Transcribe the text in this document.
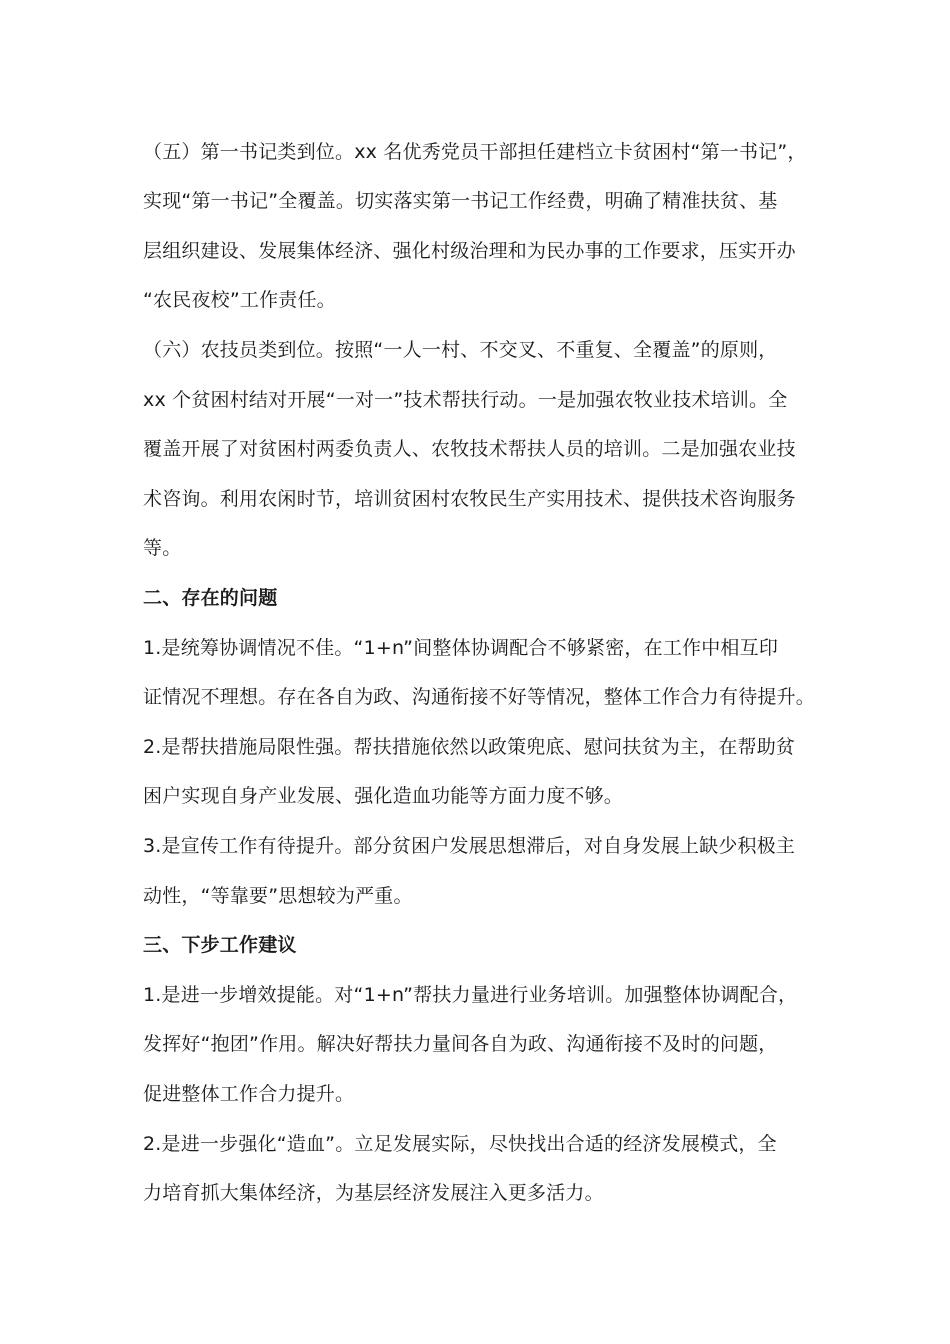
（五）第一书记类到位。xx 名优秀党员干部担任建档立卡贫困村“第一书记”，
实现“第一书记”全覆盖。切实落实第一书记工作经费，明确了精准扶贫、基
层组织建设、发展集体经济、强化村级治理和为民办事的工作要求，压实开办
“农民夜校”工作责任。
（六）农技员类到位。按照“一人一村、不交叉、不重复、全覆盖”的原则，
xx 个贫困村结对开展“一对一”技术帮扶行动。一是加强农牧业技术培训。全
覆盖开展了对贫困村两委负责人、农牧技术帮扶人员的培训。二是加强农业技
术咨询。利用农闲时节，培训贫困村农牧民生产实用技术、提供技术咨询服务
等。
二、存在的问题
1.是统筹协调情况不佳。“1+n”间整体协调配合不够紧密，在工作中相互印
证情况不理想。存在各自为政、沟通衔接不好等情况，整体工作合力有待提升。
2.是帮扶措施局限性强。帮扶措施依然以政策兜底、慰问扶贫为主，在帮助贫
困户实现自身产业发展、强化造血功能等方面力度不够。
3.是宣传工作有待提升。部分贫困户发展思想滞后，对自身发展上缺少积极主
动性，“等靠要”思想较为严重。
三、下步工作建议
1.是进一步增效提能。对“1+n”帮扶力量进行业务培训。加强整体协调配合，
发挥好“抱团”作用。解决好帮扶力量间各自为政、沟通衔接不及时的问题，
促进整体工作合力提升。
2.是进一步强化“造血”。立足发展实际，尽快找出合适的经济发展模式，全
力培育抓大集体经济，为基层经济发展注入更多活力。
